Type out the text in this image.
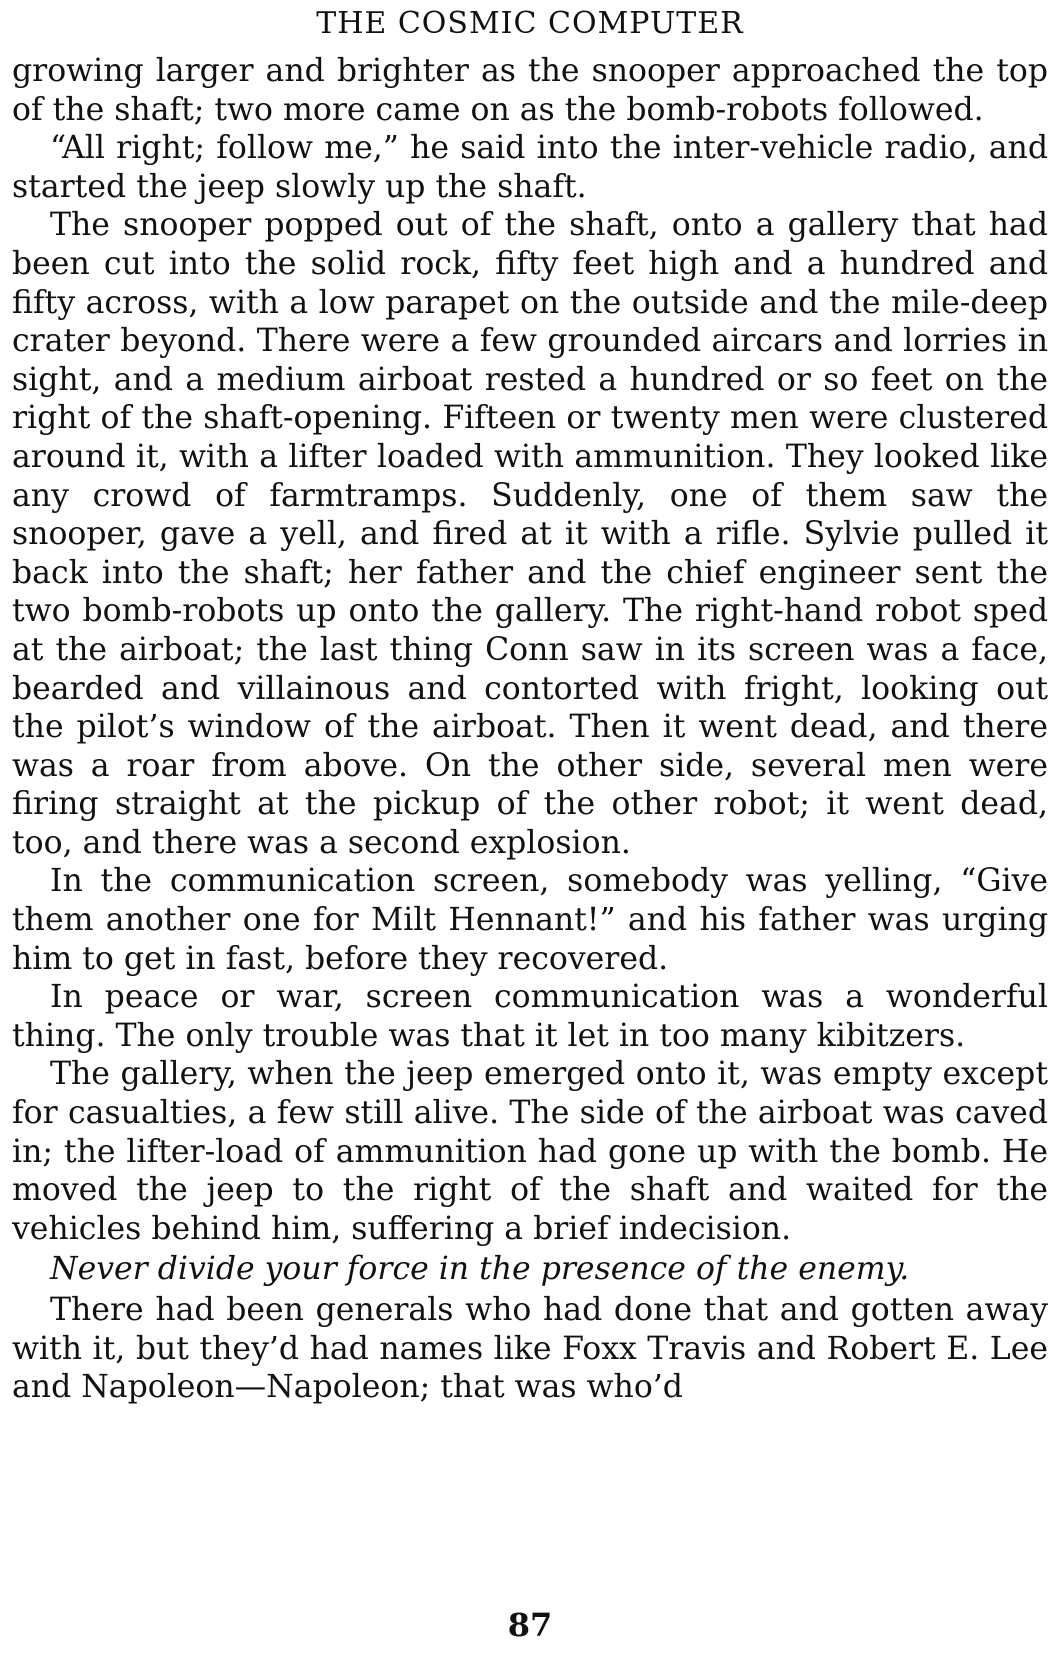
THE COSMIC COMPUTER

growing larger and brighter as the snooper approached the top of the shaft; two more came on as the bomb-robots followed.

“All right; follow me,” he said into the inter-vehicle radio, and started the jeep slowly up the shaft.

The snooper popped out of the shaft, onto a gallery that had been cut into the solid rock, fifty feet high and a hundred and fifty across, with a low parapet on the outside and the mile-deep crater beyond. There were a few grounded aircars and lorries in sight, and a medium airboat rested a hundred or so feet on the right of the shaft-opening. Fifteen or twenty men were clustered around it, with a lifter loaded with ammunition. They looked like any crowd of farmtramps. Suddenly, one of them saw the snooper, gave a yell, and fired at it with a rifle. Sylvie pulled it back into the shaft; her father and the chief engineer sent the two bomb-robots up onto the gallery. The right-hand robot sped at the airboat; the last thing Conn saw in its screen was a face, bearded and villainous and contorted with fright, looking out the pilot’s window of the airboat. Then it went dead, and there was a roar from above. On the other side, several men were firing straight at the pickup of the other robot; it went dead, too, and there was a second explosion.

In the communication screen, somebody was yelling, “Give them another one for Milt Hennant!” and his father was urging him to get in fast, before they recovered.

In peace or war, screen communication was a wonderful thing. The only trouble was that it let in too many kibitzers.

The gallery, when the jeep emerged onto it, was empty except for casualties, a few still alive. The side of the airboat was caved in; the lifter-load of ammunition had gone up with the bomb. He moved the jeep to the right of the shaft and waited for the vehicles behind him, suffering a brief indecision.

Never divide your force in the presence of the enemy.

There had been generals who had done that and gotten away with it, but they’d had names like Foxx Travis and Robert E. Lee and Napoleon—Napoleon; that was who’d

87
